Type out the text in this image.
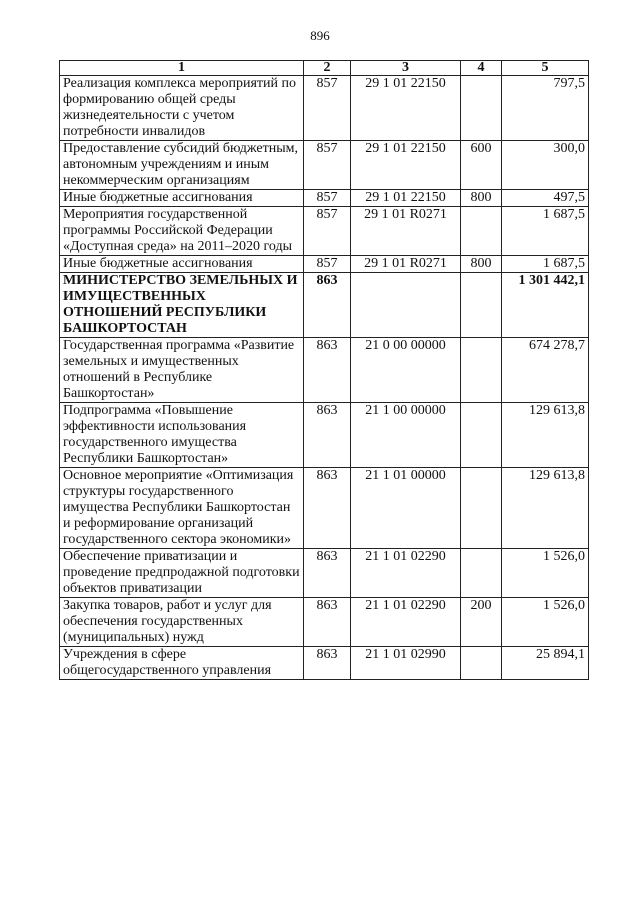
896
1	2	3	4	5
Реализация комплекса мероприятий по формированию общей среды жизнедеятельности с учетом потребности инвалидов	857	29 1 01 22150		797,5
Предоставление субсидий бюджетным, автономным учреждениям и иным некоммерческим организациям	857	29 1 01 22150	600	300,0
Иные бюджетные ассигнования	857	29 1 01 22150	800	497,5
Мероприятия государственной программы Российской Федерации «Доступная среда» на 2011–2020 годы	857	29 1 01 R0271		1 687,5
Иные бюджетные ассигнования	857	29 1 01 R0271	800	1 687,5
МИНИСТЕРСТВО ЗЕМЕЛЬНЫХ И ИМУЩЕСТВЕННЫХ ОТНОШЕНИЙ РЕСПУБЛИКИ БАШКОРТОСТАН	863			1 301 442,1
Государственная программа «Развитие земельных и имущественных отношений в Республике Башкортостан»	863	21 0 00 00000		674 278,7
Подпрограмма «Повышение эффективности использования государственного имущества Республики Башкортостан»	863	21 1 00 00000		129 613,8
Основное мероприятие «Оптимизация структуры государственного имущества Республики Башкортостан и реформирование организаций государственного сектора экономики»	863	21 1 01 00000		129 613,8
Обеспечение приватизации и проведение предпродажной подготовки объектов приватизации	863	21 1 01 02290		1 526,0
Закупка товаров, работ и услуг для обеспечения государственных (муниципальных) нужд	863	21 1 01 02290	200	1 526,0
Учреждения в сфере общегосударственного управления	863	21 1 01 02990		25 894,1
